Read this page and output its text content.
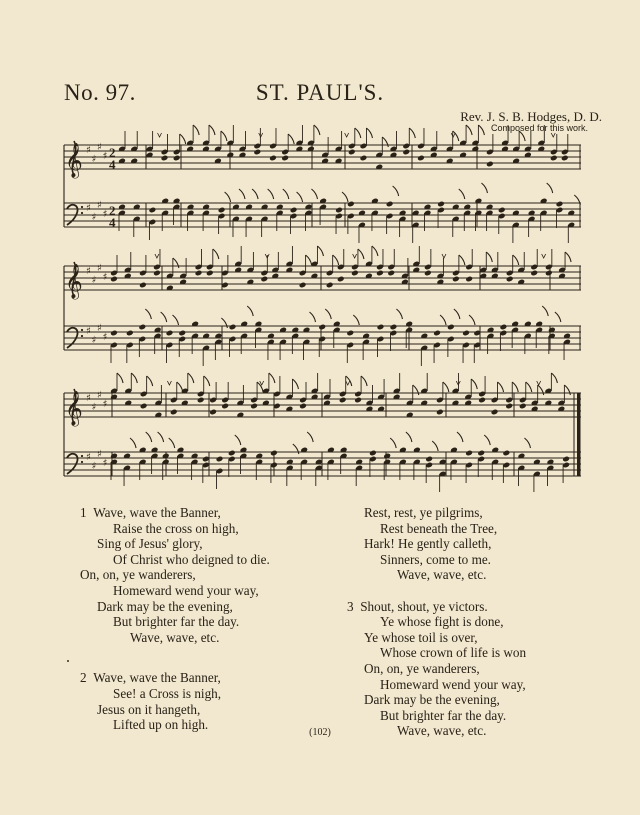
No. 97.	ST. PAUL'S.
Rev. J. S. B. Hodges, D. D.
Composed for this work.
𝄞 ♯
♯
♯
♯ 2
4
♯
♯
♯
♯ 2
4
𝄞 ♯
♯
♯
♯
♯
♯
♯
♯
𝄞 ♯
♯
♯
♯
♯
♯
♯
♯
1 Wave, wave the Banner,
Raise the cross on high,
Sing of Jesus' glory,
Of Christ who deigned to die.
On, on, ye wanderers,
Homeward wend your way,
Dark may be the evening,
But brighter far the day.
Wave, wave, etc.
2 Wave, wave the Banner,
See! a Cross is nigh,
Jesus on it hangeth,
Lifted up on high.
Rest, rest, ye pilgrims,
Rest beneath the Tree,
Hark! He gently calleth,
Sinners, come to me.
Wave, wave, etc.
3 Shout, shout, ye victors.
Ye whose fight is done,
Ye whose toil is over,
Whose crown of life is won
On, on, ye wanderers,
Homeward wend your way,
Dark may be the evening,
But brighter far the day.
Wave, wave, etc.
(102)
